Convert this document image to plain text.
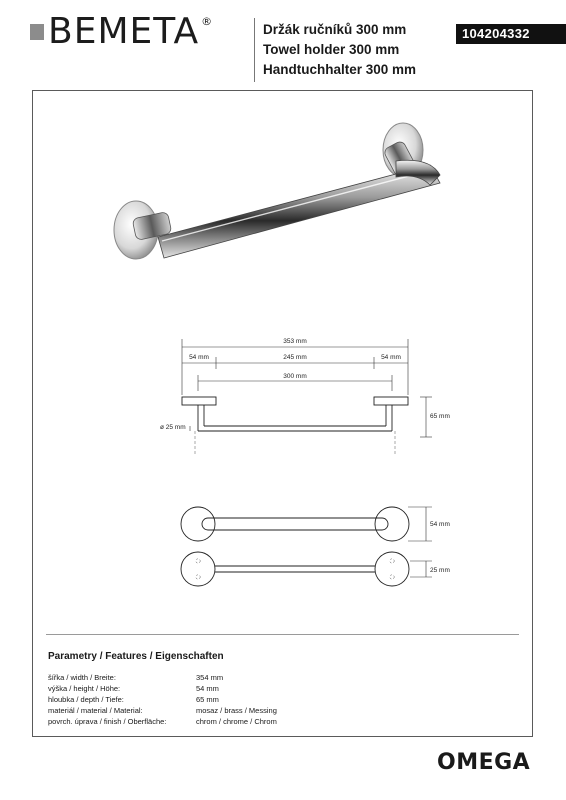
BEMETA ®
Držák ručníků 300 mm
Towel holder 300 mm
Handtuchhalter 300 mm
104204332
353 mm
54 mm	245 mm	54 mm
300 mm
65 mm
ø 25 mm
54 mm
25 mm
Parametry / Features / Eigenschaften
šířka / width / Breite:	354 mm
výška / height / Höhe:	54 mm
hloubka / depth / Tiefe:	65 mm
materiál / material / Material:	mosaz / brass / Messing
povrch. úprava / finish / Oberfläche:	chrom / chrome / Chrom
OMEGA
